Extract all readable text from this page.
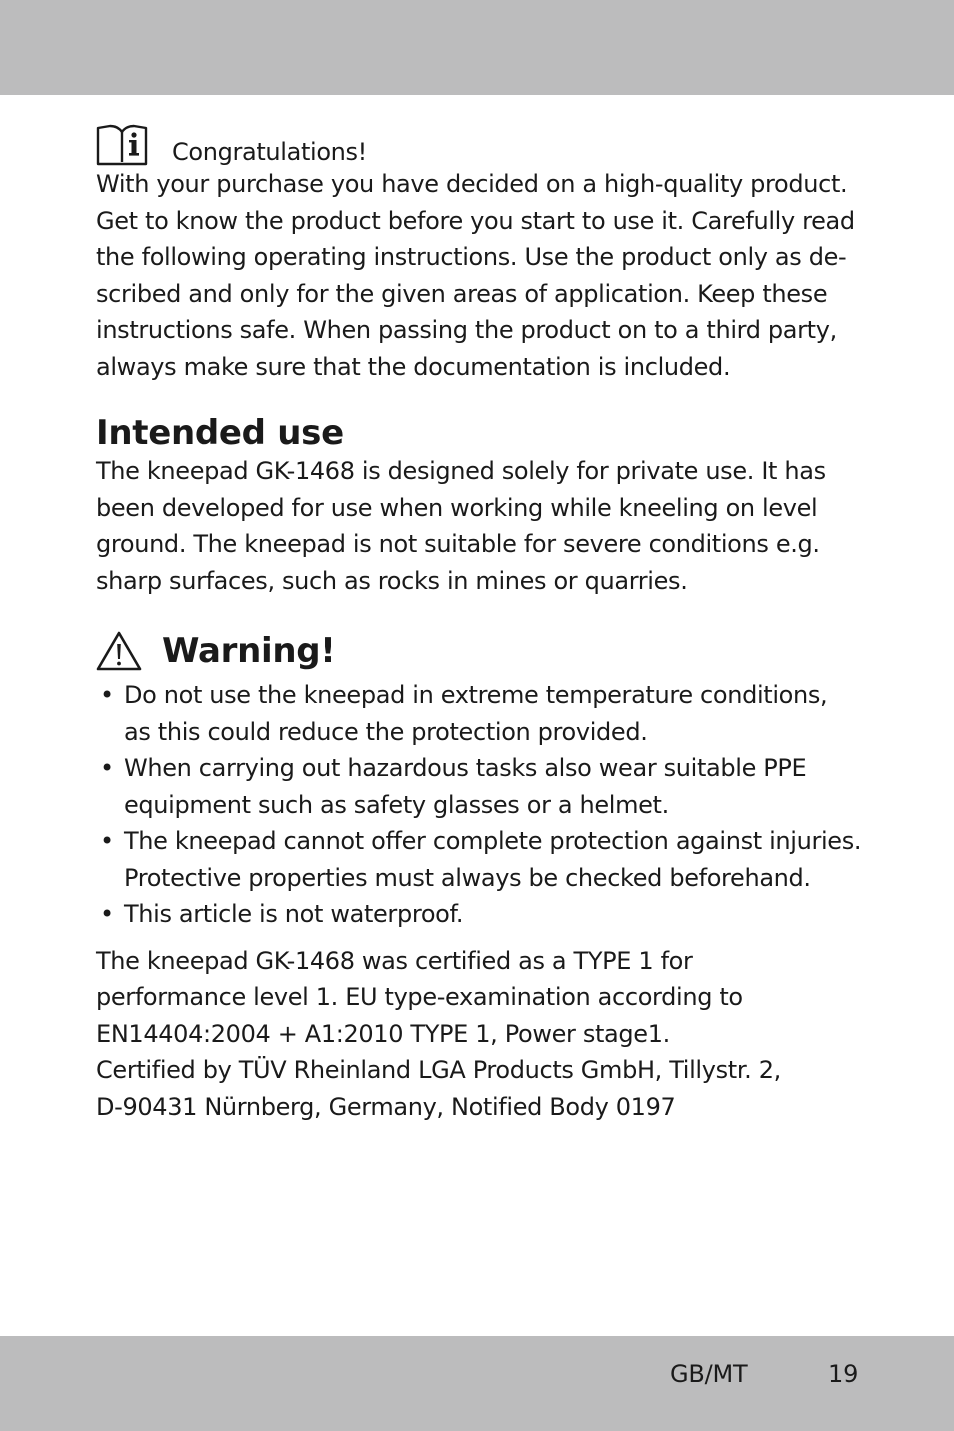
Congratulations!

With your purchase you have decided on a high-quality product.
Get to know the product before you start to use it. Carefully read
the following operating instructions. Use the product only as de-
scribed and only for the given areas of application. Keep these
instructions safe. When passing the product on to a third party,
always make sure that the documentation is included.

Intended use

The kneepad GK-1468 is designed solely for private use. It has
been developed for use when working while kneeling on level
ground. The kneepad is not suitable for severe conditions e.g.
sharp surfaces, such as rocks in mines or quarries.

Warning!
• Do not use the kneepad in extreme temperature conditions,
as this could reduce the protection provided.
• When carrying out hazardous tasks also wear suitable PPE
equipment such as safety glasses or a helmet.
• The kneepad cannot offer complete protection against injuries.
Protective properties must always be checked beforehand.
• This article is not waterproof.

The kneepad GK-1468 was certified as a TYPE 1 for
performance level 1. EU type-examination according to
EN14404:2004 + A1:2010 TYPE 1, Power stage1.
Certified by TÜV Rheinland LGA Products GmbH, Tillystr. 2,
D-90431 Nürnberg, Germany, Notified Body 0197

GB/MT	19
